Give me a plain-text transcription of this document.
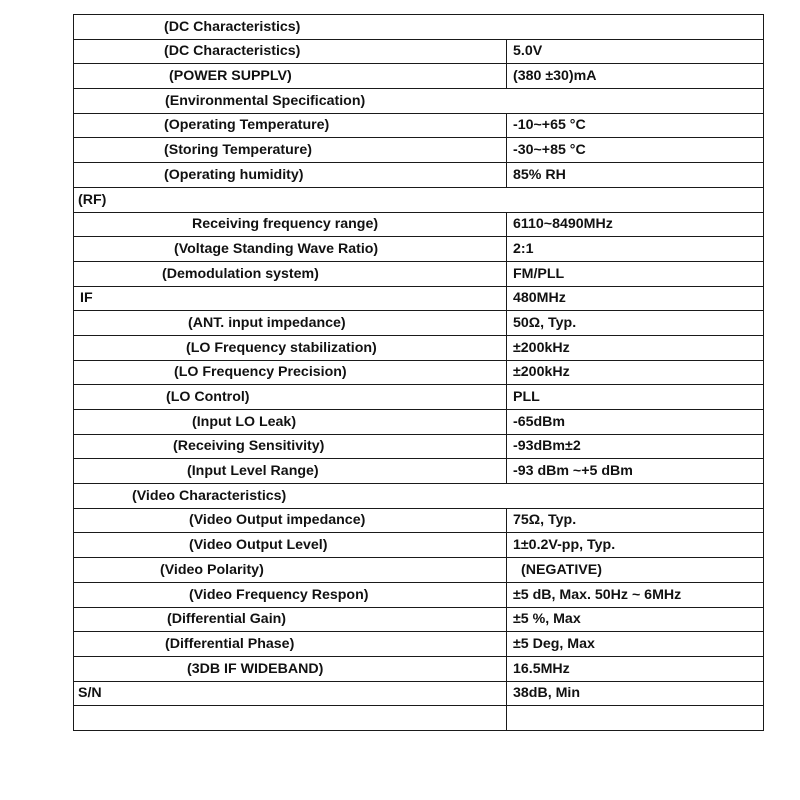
(DC Characteristics)	
(DC Characteristics)	5.0V
(POWER SUPPLV)	(380 ±30)mA
(Environmental Specification)	
(Operating Temperature)	-10~+65 °C
(Storing Temperature)	-30~+85 °C
(Operating humidity)	85% RH
(RF)	
Receiving frequency range)	6110~8490MHz
(Voltage Standing Wave Ratio)	2:1
(Demodulation system)	FM/PLL
IF	480MHz
(ANT. input impedance)	50Ω, Typ.
(LO Frequency stabilization)	±200kHz
(LO Frequency Precision)	±200kHz
(LO Control)	PLL
(Input LO Leak)	-65dBm
(Receiving Sensitivity)	-93dBm±2
(Input Level Range)	-93 dBm ~+5 dBm
(Video Characteristics)	
(Video Output impedance)	75Ω, Typ.
(Video Output Level)	1±0.2V-pp, Typ.
(Video Polarity)	(NEGATIVE)
(Video Frequency Respon)	±5 dB, Max. 50Hz ~ 6MHz
(Differential Gain)	±5 %, Max
(Differential Phase)	±5 Deg, Max
(3DB IF WIDEBAND)	16.5MHz
S/N	38dB, Min
